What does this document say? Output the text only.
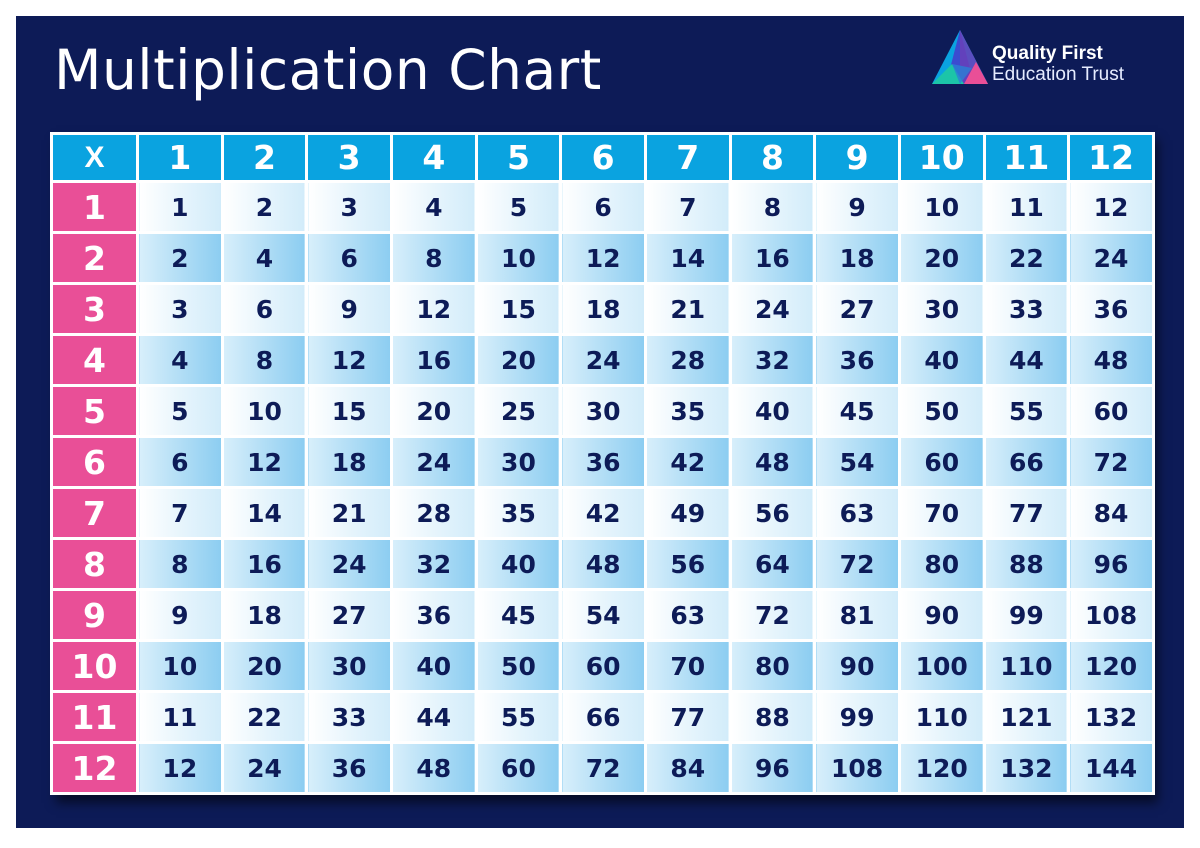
Multiplication Chart	Quality First
Education Trust
X	1	2	3	4	5	6	7	8	9	10	11	12
1	1	2	3	4	5	6	7	8	9	10	11	12
2	2	4	6	8	10	12	14	16	18	20	22	24
3	3	6	9	12	15	18	21	24	27	30	33	36
4	4	8	12	16	20	24	28	32	36	40	44	48
5	5	10	15	20	25	30	35	40	45	50	55	60
6	6	12	18	24	30	36	42	48	54	60	66	72
7	7	14	21	28	35	42	49	56	63	70	77	84
8	8	16	24	32	40	48	56	64	72	80	88	96
9	9	18	27	36	45	54	63	72	81	90	99	108
10	10	20	30	40	50	60	70	80	90	100	110	120
11	11	22	33	44	55	66	77	88	99	110	121	132
12	12	24	36	48	60	72	84	96	108	120	132	144
